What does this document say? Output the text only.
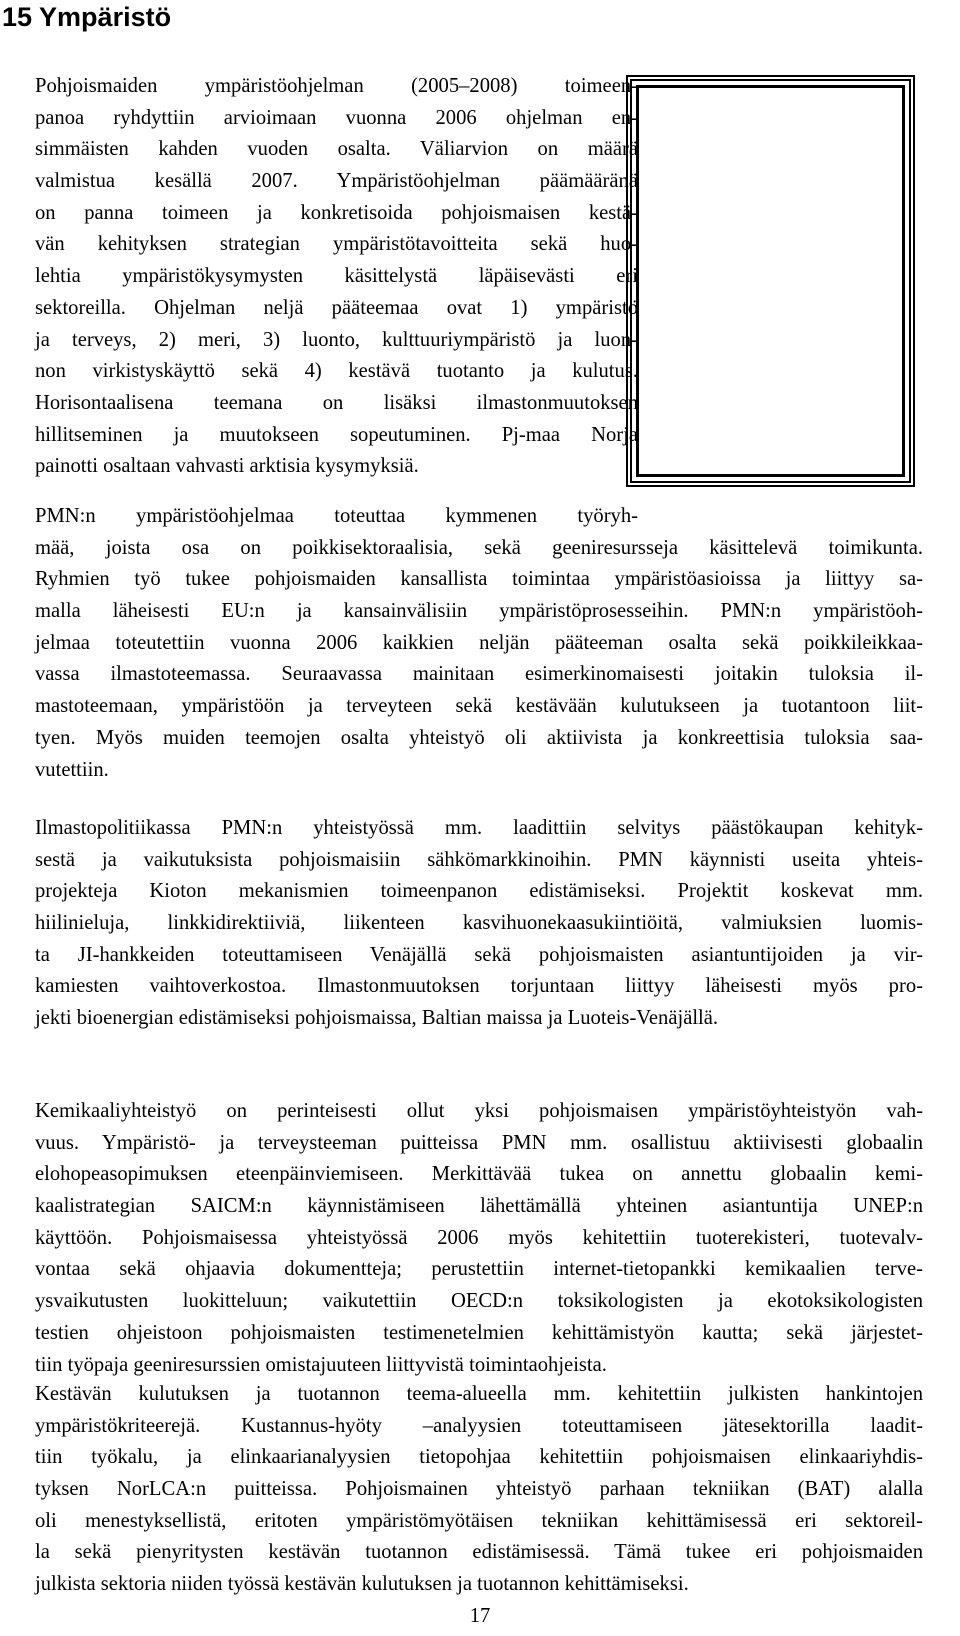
15 Ympäristö
Pohjoismaiden ympäristöohjelman (2005–2008) toimeen-
panoa ryhdyttiin arvioimaan vuonna 2006 ohjelman en-
simmäisten kahden vuoden osalta. Väliarvion on määrä
valmistua kesällä 2007. Ympäristöohjelman päämääränä
on panna toimeen ja konkretisoida pohjoismaisen kestä-
vän kehityksen strategian ympäristötavoitteita sekä huo-
lehtia ympäristökysymysten käsittelystä läpäisevästi eri
sektoreilla. Ohjelman neljä pääteemaa ovat 1) ympäristö
ja terveys, 2) meri, 3) luonto, kulttuuriympäristö ja luon-
non virkistyskäyttö sekä 4) kestävä tuotanto ja kulutus.
Horisontaalisena teemana on lisäksi ilmastonmuutoksen
hillitseminen ja muutokseen sopeutuminen. Pj-maa Norja
painotti osaltaan vahvasti arktisia kysymyksiä.
PMN:n ympäristöohjelmaa toteuttaa kymmenen työryh-
mää, joista osa on poikkisektoraalisia, sekä geeniresursseja käsittelevä toimikunta.
Ryhmien työ tukee pohjoismaiden kansallista toimintaa ympäristöasioissa ja liittyy sa-
malla läheisesti EU:n ja kansainvälisiin ympäristöprosesseihin. PMN:n ympäristöoh-
jelmaa toteutettiin vuonna 2006 kaikkien neljän pääteeman osalta sekä poikkileikkaa-
vassa ilmastoteemassa. Seuraavassa mainitaan esimerkinomaisesti joitakin tuloksia il-
mastoteemaan, ympäristöön ja terveyteen sekä kestävään kulutukseen ja tuotantoon liit-
tyen. Myös muiden teemojen osalta yhteistyö oli aktiivista ja konkreettisia tuloksia saa-
vutettiin.
Ilmastopolitiikassa PMN:n yhteistyössä mm. laadittiin selvitys päästökaupan kehityk-
sestä ja vaikutuksista pohjoismaisiin sähkömarkkinoihin. PMN käynnisti useita yhteis-
projekteja Kioton mekanismien toimeenpanon edistämiseksi. Projektit koskevat mm.
hiilinieluja, linkkidirektiiviä, liikenteen kasvihuonekaasukiintiöitä, valmiuksien luomis-
ta JI-hankkeiden toteuttamiseen Venäjällä sekä pohjoismaisten asiantuntijoiden ja vir-
kamiesten vaihtoverkostoa. Ilmastonmuutoksen torjuntaan liittyy läheisesti myös pro-
jekti bioenergian edistämiseksi pohjoismaissa, Baltian maissa ja Luoteis-Venäjällä.
Kemikaaliyhteistyö on perinteisesti ollut yksi pohjoismaisen ympäristöyhteistyön vah-
vuus. Ympäristö- ja terveysteeman puitteissa PMN mm. osallistuu aktiivisesti globaalin
elohopeasopimuksen eteenpäinviemiseen. Merkittävää tukea on annettu globaalin kemi-
kaalistrategian SAICM:n käynnistämiseen lähettämällä yhteinen asiantuntija UNEP:n
käyttöön. Pohjoismaisessa yhteistyössä 2006 myös kehitettiin tuoterekisteri, tuotevalv-
vontaa sekä ohjaavia dokumentteja; perustettiin internet-tietopankki kemikaalien terve-
ysvaikutusten luokitteluun; vaikutettiin OECD:n toksikologisten ja ekotoksikologisten
testien ohjeistoon pohjoismaisten testimenetelmien kehittämistyön kautta; sekä järjestet-
tiin työpaja geeniresurssien omistajuuteen liittyvistä toimintaohjeista.
Kestävän kulutuksen ja tuotannon teema-alueella mm. kehitettiin julkisten hankintojen
ympäristökriteerejä. Kustannus-hyöty –analyysien toteuttamiseen jätesektorilla laadit-
tiin työkalu, ja elinkaarianalyysien tietopohjaa kehitettiin pohjoismaisen elinkaariyhdis-
tyksen NorLCA:n puitteissa. Pohjoismainen yhteistyö parhaan tekniikan (BAT) alalla
oli menestyksellistä, eritoten ympäristömyötäisen tekniikan kehittämisessä eri sektoreil-
la sekä pienyritysten kestävän tuotannon edistämisessä. Tämä tukee eri pohjoismaiden
julkista sektoria niiden työssä kestävän kulutuksen ja tuotannon kehittämiseksi.
17
